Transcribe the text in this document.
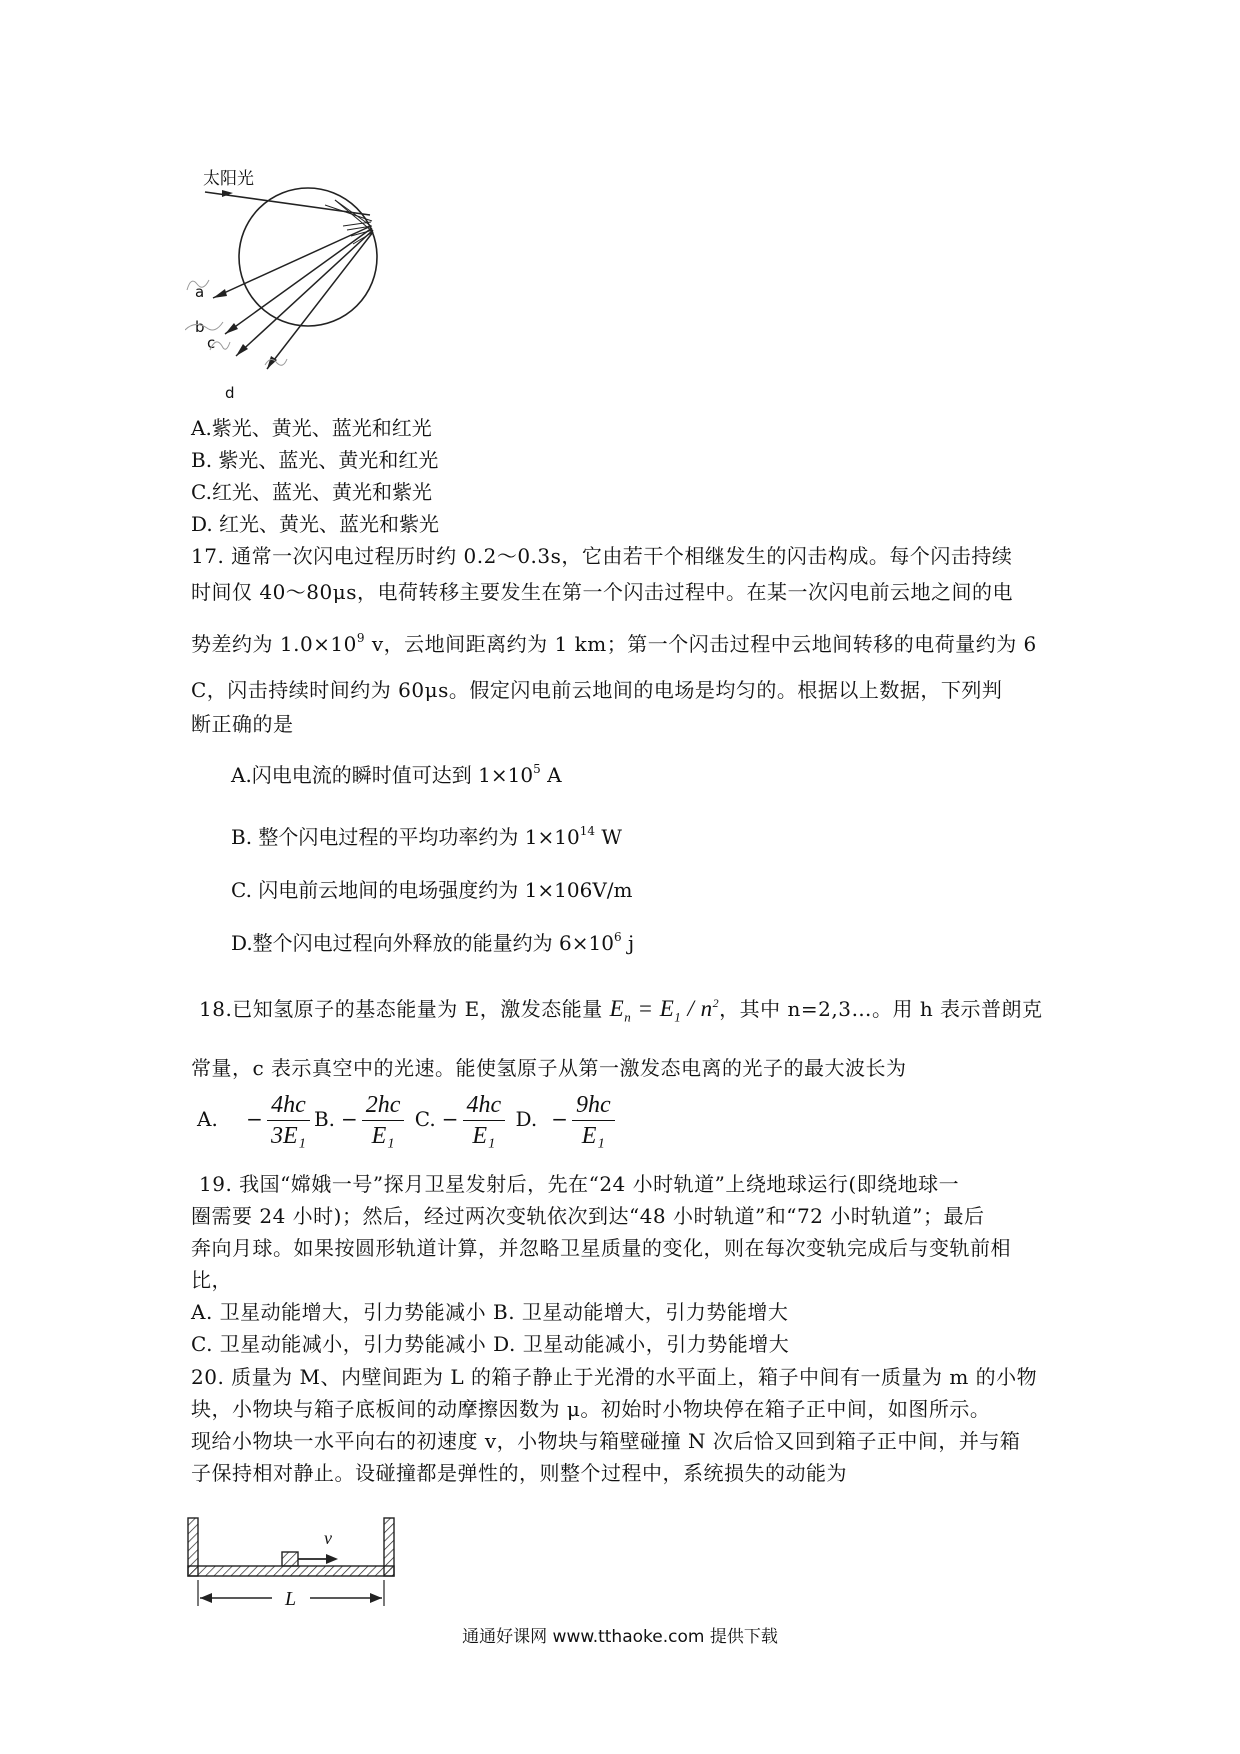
太阳光
a
b
c
d
A.紫光、黄光、蓝光和红光
B. 紫光、蓝光、黄光和红光
C.红光、蓝光、黄光和紫光
D. 红光、黄光、蓝光和紫光
17. 通常一次闪电过程历时约 0.2～0.3s，它由若干个相继发生的闪击构成。每个闪击持续
时间仅 40～80μs，电荷转移主要发生在第一个闪击过程中。在某一次闪电前云地之间的电
势差约为 $1.0\times 10^9$ v，云地间距离约为 1 km；第一个闪击过程中云地间转移的电荷量约为 6
C，闪击持续时间约为 60μs。假定闪电前云地间的电场是均匀的。根据以上数据，下列判
断正确的是
A.闪电电流的瞬时值可达到 $1\times 10^5$ A
B. 整个闪电过程的平均功率约为 $1\times 10^{14}$ W
C. 闪电前云地间的电场强度约为 1×106V/m
D.整个闪电过程向外释放的能量约为 $6\times 10^6$ j
18.已知氢原子的基态能量为 E，激发态能量 $E_n = E_1 / n^2$，其中 n=2,3…。用 h 表示普朗克
常量，c 表示真空中的光速。能使氢原子从第一激发态电离的光子的最大波长为
A. − $\frac{4hc}{\text{3E₁}} B$. − $\frac{2hc}{\text{E₁}} C$. − $\frac{4hc}{\text{E₁}} D$. − $\frac{9hc}{\text{E₁}}$
19. 我国“嫦娥一号”探月卫星发射后，先在“24 小时轨道”上绕地球运行(即绕地球一
圈需要 24 小时)；然后，经过两次变轨依次到达“48 小时轨道”和“72 小时轨道”；最后
奔向月球。如果按圆形轨道计算，并忽略卫星质量的变化，则在每次变轨完成后与变轨前相
比，
A. 卫星动能增大，引力势能减小 B. 卫星动能增大，引力势能增大
C. 卫星动能减小，引力势能减小 D. 卫星动能减小，引力势能增大
20. 质量为 M、内壁间距为 L 的箱子静止于光滑的水平面上，箱子中间有一质量为 m 的小物
块，小物块与箱子底板间的动摩擦因数为 μ。初始时小物块停在箱子正中间，如图所示。
现给小物块一水平向右的初速度 v，小物块与箱壁碰撞 N 次后恰又回到箱子正中间，并与箱
子保持相对静止。设碰撞都是弹性的，则整个过程中，系统损失的动能为
v
L
通通好课网 www.tthaoke.com 提供下载
